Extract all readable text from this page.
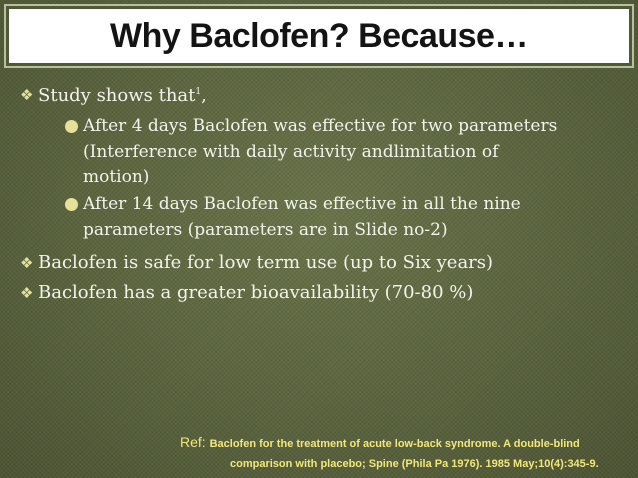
Why Baclofen? Because…
❖ Study shows that$^1$,
After 4 days Baclofen was effective for two parameters
(Interference with daily activity andlimitation of
motion)
After 14 days Baclofen was effective in all the nine
parameters (parameters are in Slide no-2)
❖ Baclofen is safe for low term use (up to Six years)
❖ Baclofen has a greater bioavailability (70-80 %)
Ref: Baclofen for the treatment of acute low-back syndrome. A double-blind
comparison with placebo; Spine (Phila Pa 1976). 1985 May;10(4):345-9.
